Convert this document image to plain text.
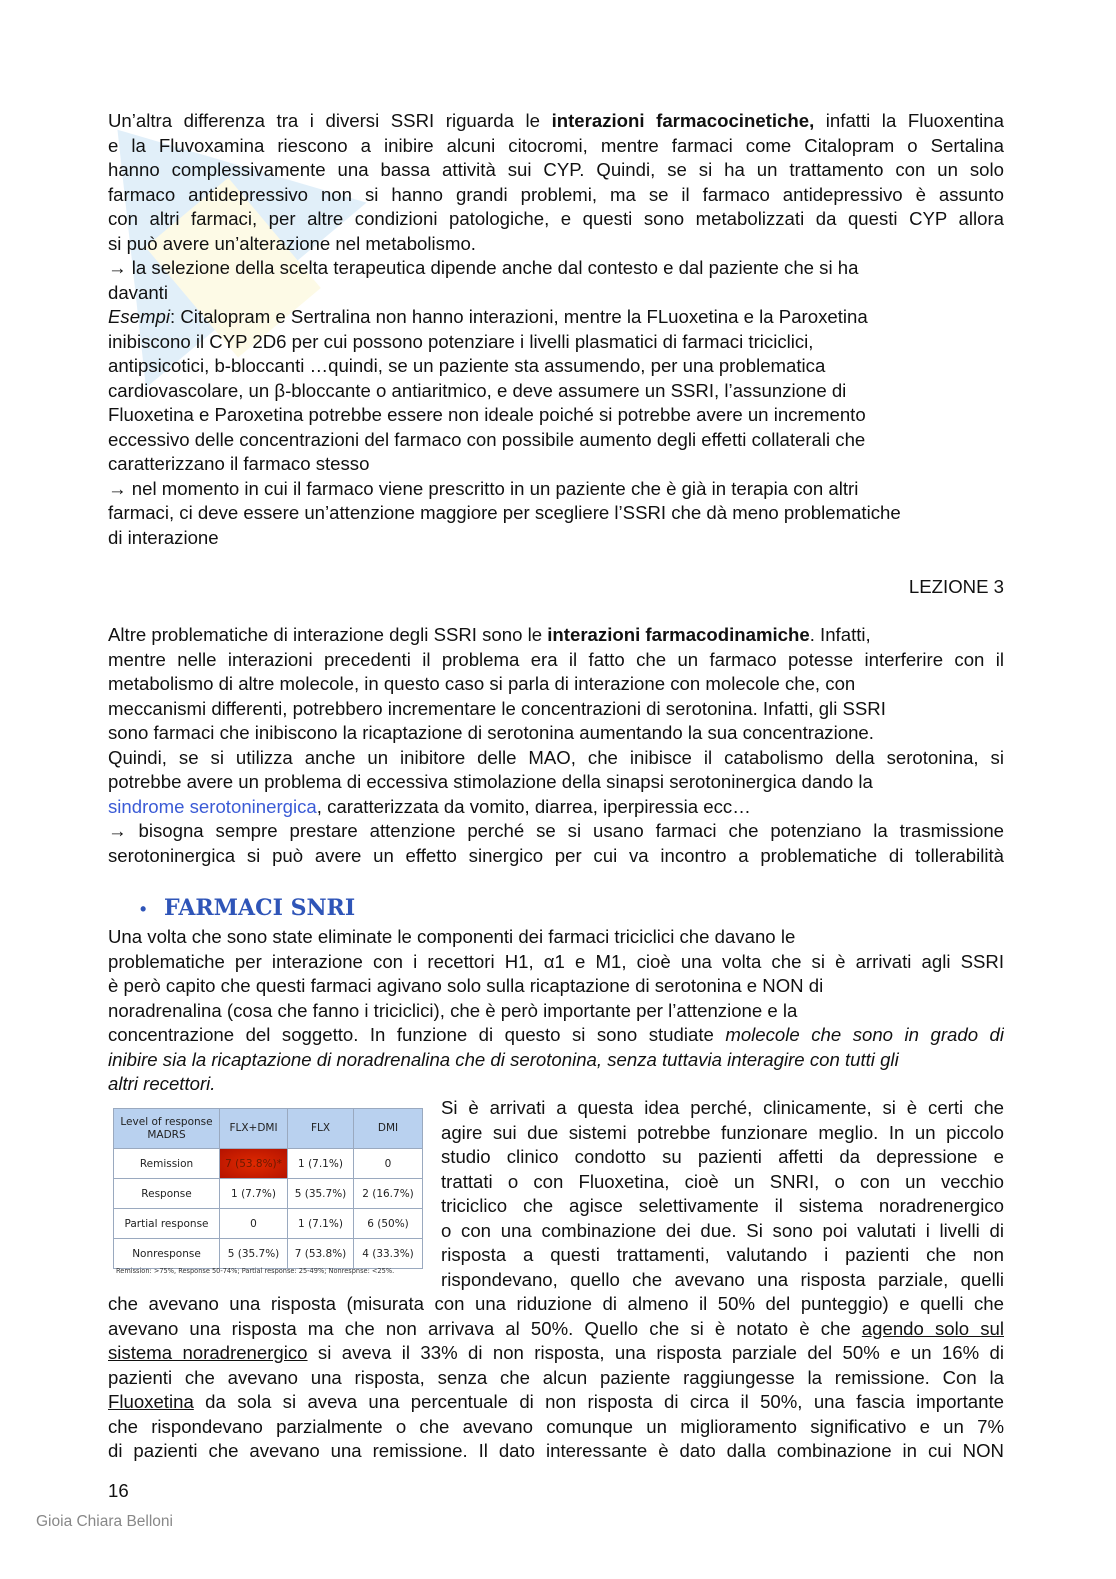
Un’altra differenza tra i diversi SSRI riguarda le interazioni farmacocinetiche, infatti la Fluoxentina
e la Fluvoxamina riescono a inibire alcuni citocromi, mentre farmaci come Citalopram o Sertalina
hanno complessivamente una bassa attività sui CYP. Quindi, se si ha un trattamento con un solo
farmaco antidepressivo non si hanno grandi problemi, ma se il farmaco antidepressivo è assunto
con altri farmaci, per altre condizioni patologiche, e questi sono metabolizzati da questi CYP allora
si può avere un’alterazione nel metabolismo.
→ la selezione della scelta terapeutica dipende anche dal contesto e dal paziente che si ha
davanti
Esempi: Citalopram e Sertralina non hanno interazioni, mentre la FLuoxetina e la Paroxetina
inibiscono il CYP 2D6 per cui possono potenziare i livelli plasmatici di farmaci triciclici,
antipsicotici, b-bloccanti …quindi, se un paziente sta assumendo, per una problematica
cardiovascolare, un β-bloccante o antiaritmico, e deve assumere un SSRI, l’assunzione di
Fluoxetina e Paroxetina potrebbe essere non ideale poiché si potrebbe avere un incremento
eccessivo delle concentrazioni del farmaco con possibile aumento degli effetti collaterali che
caratterizzano il farmaco stesso
→ nel momento in cui il farmaco viene prescritto in un paziente che è già in terapia con altri
farmaci, ci deve essere un’attenzione maggiore per scegliere l’SSRI che dà meno problematiche
di interazione
LEZIONE 3
Altre problematiche di interazione degli SSRI sono le interazioni farmacodinamiche. Infatti,
mentre nelle interazioni precedenti il problema era il fatto che un farmaco potesse interferire con il
metabolismo di altre molecole, in questo caso si parla di interazione con molecole che, con
meccanismi differenti, potrebbero incrementare le concentrazioni di serotonina. Infatti, gli SSRI
sono farmaci che inibiscono la ricaptazione di serotonina aumentando la sua concentrazione.
Quindi, se si utilizza anche un inibitore delle MAO, che inibisce il catabolismo della serotonina, si
potrebbe avere un problema di eccessiva stimolazione della sinapsi serotoninergica dando la
sindrome serotoninergica, caratterizzata da vomito, diarrea, iperpiressia ecc…
→ bisogna sempre prestare attenzione perché se si usano farmaci che potenziano la trasmissione
serotoninergica si può avere un effetto sinergico per cui va incontro a problematiche di tollerabilità
• FARMACI SNRI
Una volta che sono state eliminate le componenti dei farmaci triciclici che davano le
problematiche per interazione con i recettori H1, α1 e M1, cioè una volta che si è arrivati agli SSRI
è però capito che questi farmaci agivano solo sulla ricaptazione di serotonina e NON di
noradrenalina (cosa che fanno i triciclici), che è però importante per l’attenzione e la
concentrazione del soggetto. In funzione di questo si sono studiate molecole che sono in grado di
inibire sia la ricaptazione di noradrenalina che di serotonina, senza tuttavia interagire con tutti gli
altri recettori.
Level of response MADRS	FLX+DMI	FLX	DMI
Remission	7 (53.8%)*	1 (7.1%)	0
Response	1 (7.7%)	5 (35.7%)	2 (16.7%)
Partial response	0	1 (7.1%)	6 (50%)
Nonresponse	5 (35.7%)	7 (53.8%)	4 (33.3%)
Remission: >75%, Response 50-74%; Partial response: 25-49%; Nonrespnse: <25%.
Si è arrivati a questa idea perché, clinicamente, si è certi che
agire sui due sistemi potrebbe funzionare meglio. In un piccolo
studio clinico condotto su pazienti affetti da depressione e
trattati o con Fluoxetina, cioè un SNRI, o con un vecchio
triciclico che agisce selettivamente il sistema noradrenergico
o con una combinazione dei due. Si sono poi valutati i livelli di
risposta a questi trattamenti, valutando i pazienti che non
rispondevano, quello che avevano una risposta parziale, quelli
che avevano una risposta (misurata con una riduzione di almeno il 50% del punteggio) e quelli che
avevano una risposta ma che non arrivava al 50%. Quello che si è notato è che agendo solo sul
sistema noradrenergico si aveva il 33% di non risposta, una risposta parziale del 50% e un 16% di
pazienti che avevano una risposta, senza che alcun paziente raggiungesse la remissione. Con la
Fluoxetina da sola si aveva una percentuale di non risposta di circa il 50%, una fascia importante
che rispondevano parzialmente o che avevano comunque un miglioramento significativo e un 7%
di pazienti che avevano una remissione. Il dato interessante è dato dalla combinazione in cui NON
16
Gioia Chiara Belloni
